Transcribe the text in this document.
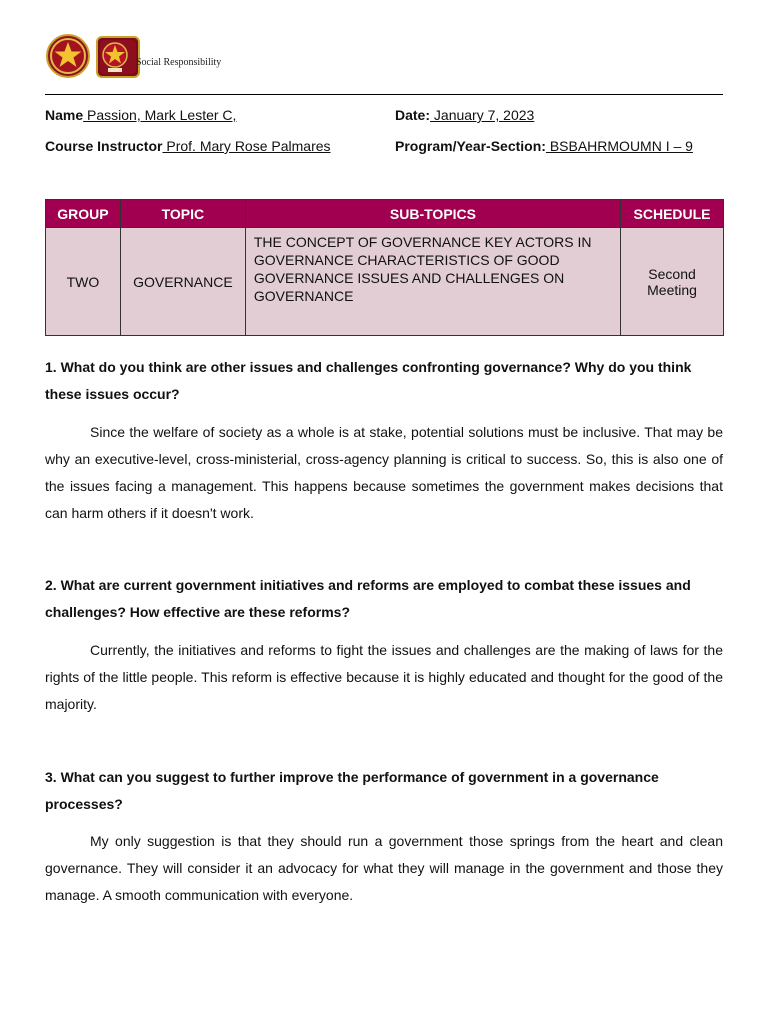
Social Responsibility
Name Passion, Mark Lester C,	Date: January 7, 2023
Course Instructor Prof. Mary Rose Palmares	Program/Year-Section: BSBAHRMOUMN I – 9
GROUP	TOPIC	SUB-TOPICS	SCHEDULE
TWO	GOVERNANCE	THE CONCEPT OF GOVERNANCE KEY ACTORS IN GOVERNANCE CHARACTERISTICS OF GOOD GOVERNANCE ISSUES AND CHALLENGES ON GOVERNANCE	Second Meeting
1. What do you think are other issues and challenges confronting governance? Why do you think these issues occur?
Since the welfare of society as a whole is at stake, potential solutions must be inclusive. That may be why an executive-level, cross-ministerial, cross-agency planning is critical to success. So, this is also one of the issues facing a management. This happens because sometimes the government makes decisions that can harm others if it doesn't work.
2. What are current government initiatives and reforms are employed to combat these issues and challenges? How effective are these reforms?
Currently, the initiatives and reforms to fight the issues and challenges are the making of laws for the rights of the little people. This reform is effective because it is highly educated and thought for the good of the majority.
3. What can you suggest to further improve the performance of government in a governance processes?
My only suggestion is that they should run a government those springs from the heart and clean governance. They will consider it an advocacy for what they will manage in the government and those they manage. A smooth communication with everyone.
